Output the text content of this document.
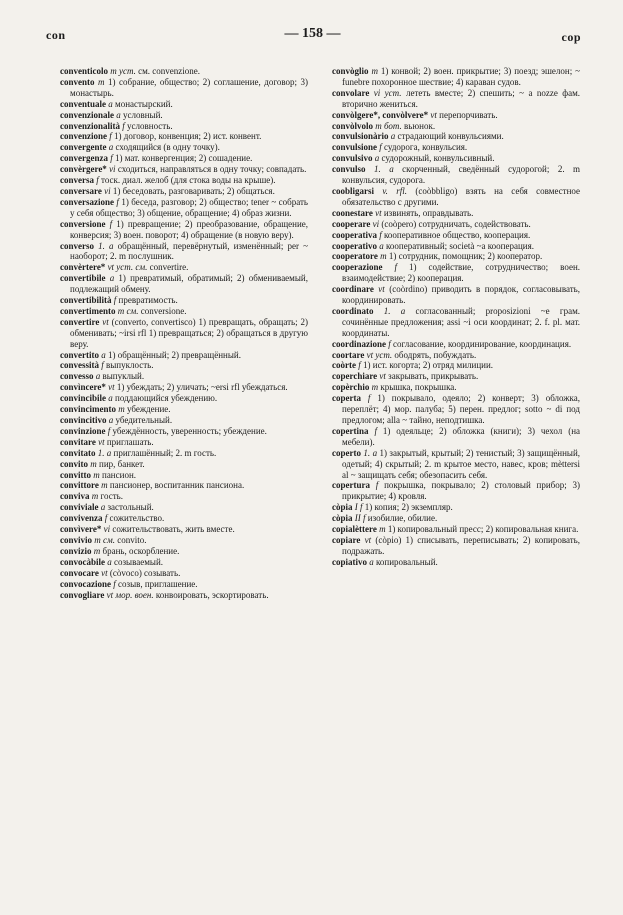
con	— 158 —	cop

conventicolo m уст. см. convenzione.

convento m 1) собрание, общество; 2) соглашение, договор; 3) монастырь.

conventuale a монастырский.

convenzionale a условный.

convenzionalità f условность.

convenzione f 1) договор, конвенция; 2) ист. конвент.

convergente a сходящийся (в одну точку).

convergenza f 1) мат. конвергенция; 2) сошадение.

convèrgere* vi сходиться, направляться в одну точку; совпадать.

conversa f тоск. диал. желоб (для стока воды на крыше).

conversare vi 1) беседовать, разговаривать; 2) общаться.

conversazione f 1) беседа, разговор; 2) общество; tener ~ собрать у себя общество; 3) общение, обращение; 4) образ жизни.

conversione f 1) превращение; 2) преобразование, обращение, конверсия; 3) воен. поворот; 4) обращение (в новую веру).

converso 1. a обращённый, перевёрнутый, изменённый; per ~ наоборот; 2. m послушник.

convèrtere* vt уст. см. convertire.

convertibile a 1) превратимый, обратимый; 2) обмениваемый, подлежащий обмену.

convertibilità f превратимость.

convertimento m см. conversione.

convertire vt (converto, convertisco) 1) превращать, обращать; 2) обменивать; ~irsi rfl 1) превращаться; 2) обращаться в другую веру.

convertito a 1) обращённый; 2) превращённый.

convessità f выпуклость.

convesso a выпуклый.

convìncere* vt 1) убеждать; 2) уличать; ~ersi rfl убеждаться.

convincibile a поддающийся убеждению.

convincimento m убеждение.

convincitivo a убедительный.

convinzione f убеждённость, уверенность; убеждение.

convitare vt приглашать.

convitato 1. a приглашённый; 2. m гость.

convito m пир, банкет.

convitto m пансион.

convittore m пансионер, воспитанник пансиона.

conviva m гость.

conviviale a застольный.

convivenza f сожительство.

convìvere* vi сожительствовать, жить вместе.

convivio m см. convito.

convizio m брань, оскорбление.

convocàbile a созываемый.

convocare vt (còvoco) созывать.

convocazione f созыв, приглашение.

convogliare vt мор. воен. конвоировать, эскортировать.

convòglio m 1) конвой; 2) воен. прикрытие; 3) поезд; эшелон; ~ funebre похоронное шествие; 4) караван судов.

convolare vi уст. лететь вместе; 2) спешить; ~ a nozze фам. вторично жениться.

convòlgere*, convòlvere* vt перепорчивать.

convòlvolo m бот. вьюнок.

convulsionàrio a страдающий конвульсиями.

convulsione f судорога, конвульсия.

convulsivo a судорожный, конвульсивный.

convulso 1. a скорченный, сведённый судорогой; 2. m конвульсия, судорога.

coobligarsi v. rfl. (coòbbligo) взять на себя совместное обязательство с другими.

coonestare vt извинять, оправдывать.

cooperare vi (coòpero) сотрудничать, содействовать.

cooperativa f кооперативное общество, кооперация.

cooperativo a кооперативный; società ~a кооперация.

cooperatore m 1) сотрудник, помощник; 2) кооператор.

cooperazione f 1) содействие, сотрудничество; воен. взаимодействие; 2) кооперация.

coordinare vt (coòrdino) приводить в порядок, согласовывать, координировать.

coordinato 1. a согласованный; proposizioni ~e грам. сочинённые предложения; assi ~i оси координат; 2. f. pl. мат. координаты.

coordinazione f согласование, координирование, координация.

coortare vt уст. ободрять, побуждать.

coòrte f 1) ист. когорта; 2) отряд милиции.

coperchiare vt закрывать, прикрывать.

copèrchio m крышка, покрышка.

coperta f 1) покрывало, одеяло; 2) конверт; 3) обложка, переплёт; 4) мор. палуба; 5) перен. предлог; sotto ~ di под предлогом; alla ~ тайно, неподтишка.

copertina f 1) одеяльце; 2) обложка (книги); 3) чехол (на мебели).

coperto 1. a 1) закрытый, крытый; 2) тенистый; 3) защищённый, одетый; 4) скрытый; 2. m крытое место, навес, кров; mèttersi al ~ защищать себя; обезопасить себя.

copertura f покрышка, покрывало; 2) столовый прибор; 3) прикрытие; 4) кровля.

còpia I f 1) копия; 2) экземпляр.

còpia II f изобилие, обилие.

copialèttere m 1) копировальный пресс; 2) копировальная книга.

copiare vt (còpio) 1) списывать, переписывать; 2) копировать, подражать.

copiativo a копировальный.
